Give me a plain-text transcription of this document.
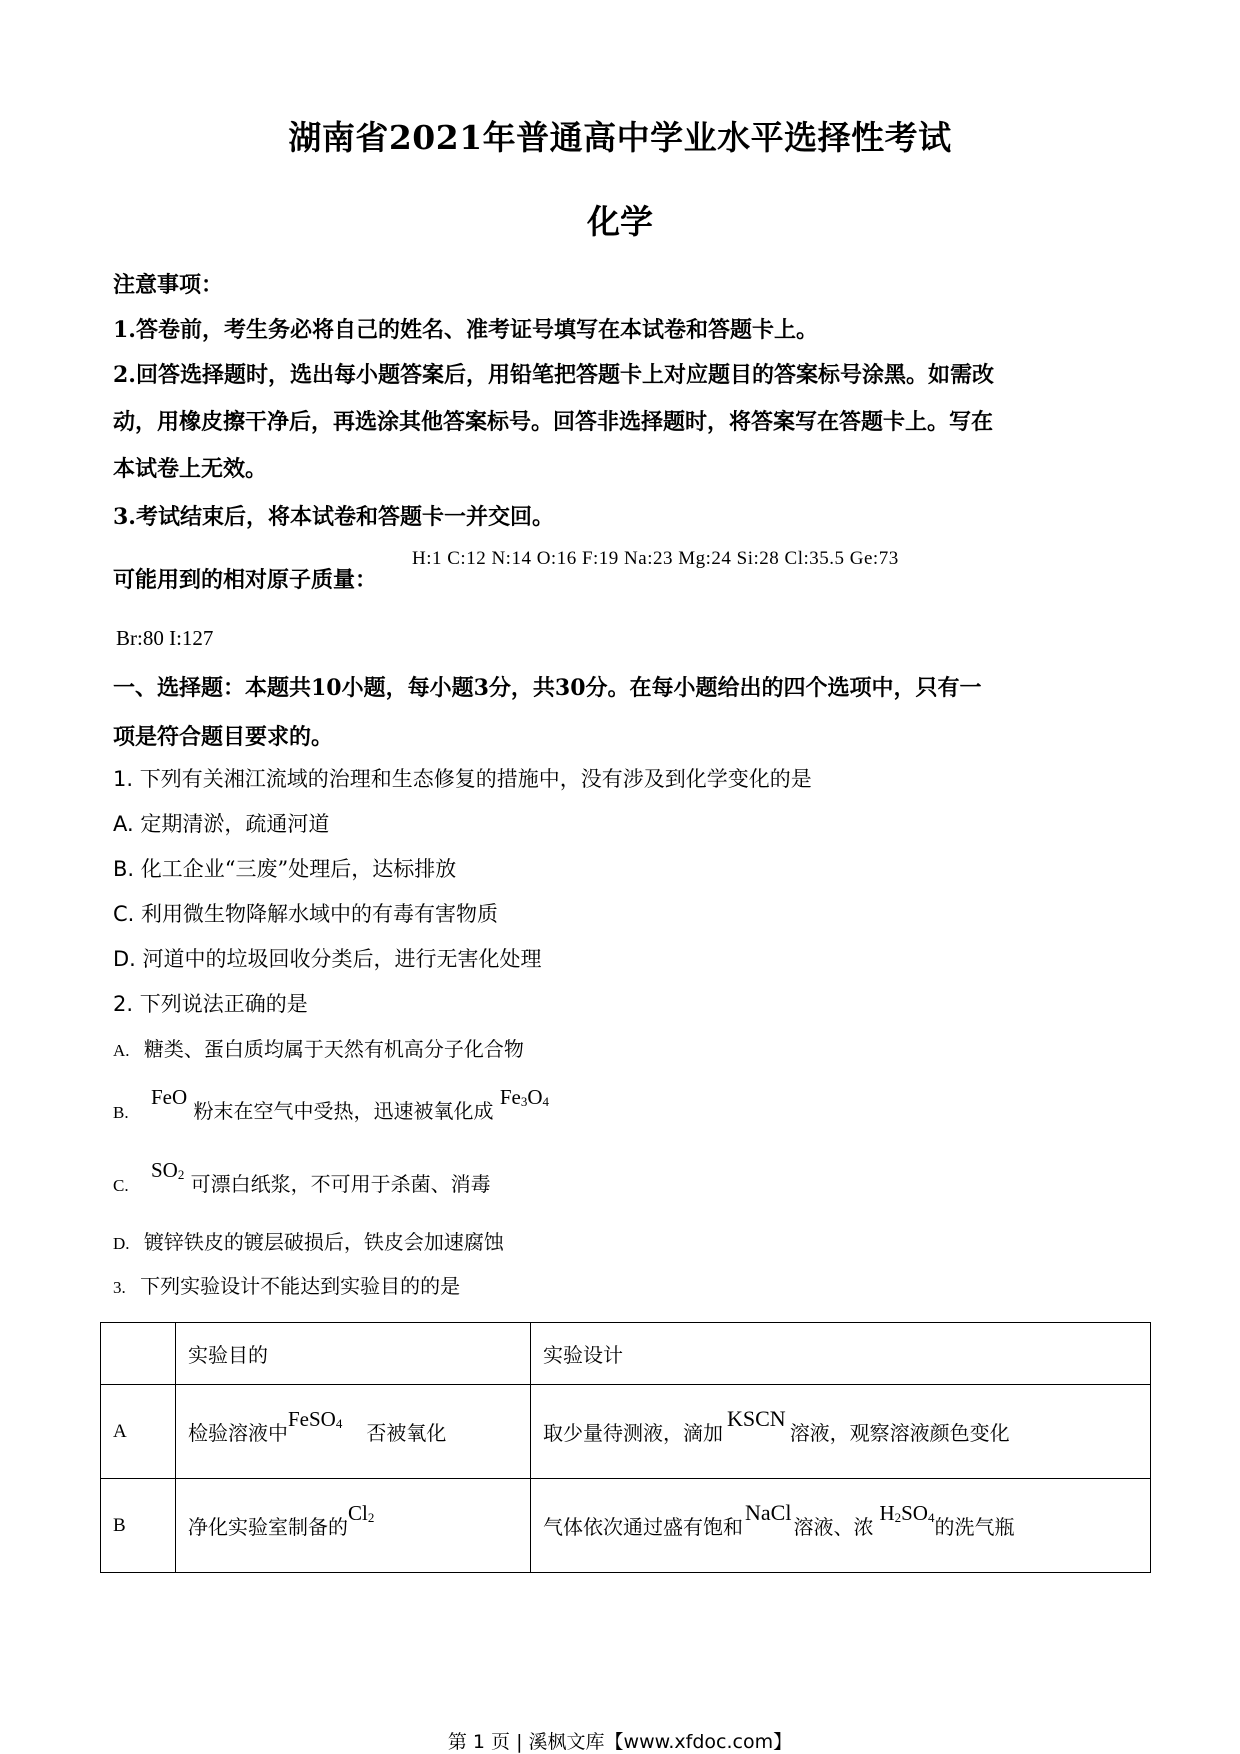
湖南省2021年普通高中学业水平选择性考试
化学
注意事项：
1.答卷前，考生务必将自己的姓名、准考证号填写在本试卷和答题卡上。
2.回答选择题时，选出每小题答案后，用铅笔把答题卡上对应题目的答案标号涂黑。如需改
动，用橡皮擦干净后，再选涂其他答案标号。回答非选择题时，将答案写在答题卡上。写在
本试卷上无效。
3.考试结束后，将本试卷和答题卡一并交回。
可能用到的相对原子质量：
H:1 C:12 N:14 O:16 F:19 Na:23 Mg:24 Si:28 Cl:35.5 Ge:73
Br:80 I:127
一、选择题：本题共10小题，每小题3分，共30分。在每小题给出的四个选项中，只有一
项是符合题目要求的。
1. 下列有关湘江流域的治理和生态修复的措施中，没有涉及到化学变化的是
A. 定期清淤，疏通河道
B. 化工企业“三废”处理后，达标排放
C. 利用微生物降解水域中的有毒有害物质
D. 河道中的垃圾回收分类后，进行无害化处理
2. 下列说法正确的是
A. 糖类、蛋白质均属于天然有机高分子化合物
B. FeO 粉末在空气中受热，迅速被氧化成 Fe3O4
C. SO2 可漂白纸浆，不可用于杀菌、消毒
D. 镀锌铁皮的镀层破损后，铁皮会加速腐蚀
3. 下列实验设计不能达到实验目的的是
	实验目的	实验设计
A	检验溶液中FeSO4 否被氧化	取少量待测液，滴加KSCN溶液，观察溶液颜色变化
B	净化实验室制备的Cl2	气体依次通过盛有饱和NaCl溶液、浓H2SO4的洗气瓶
第 1 页 | 溪枫文库【www.xfdoc.com】
